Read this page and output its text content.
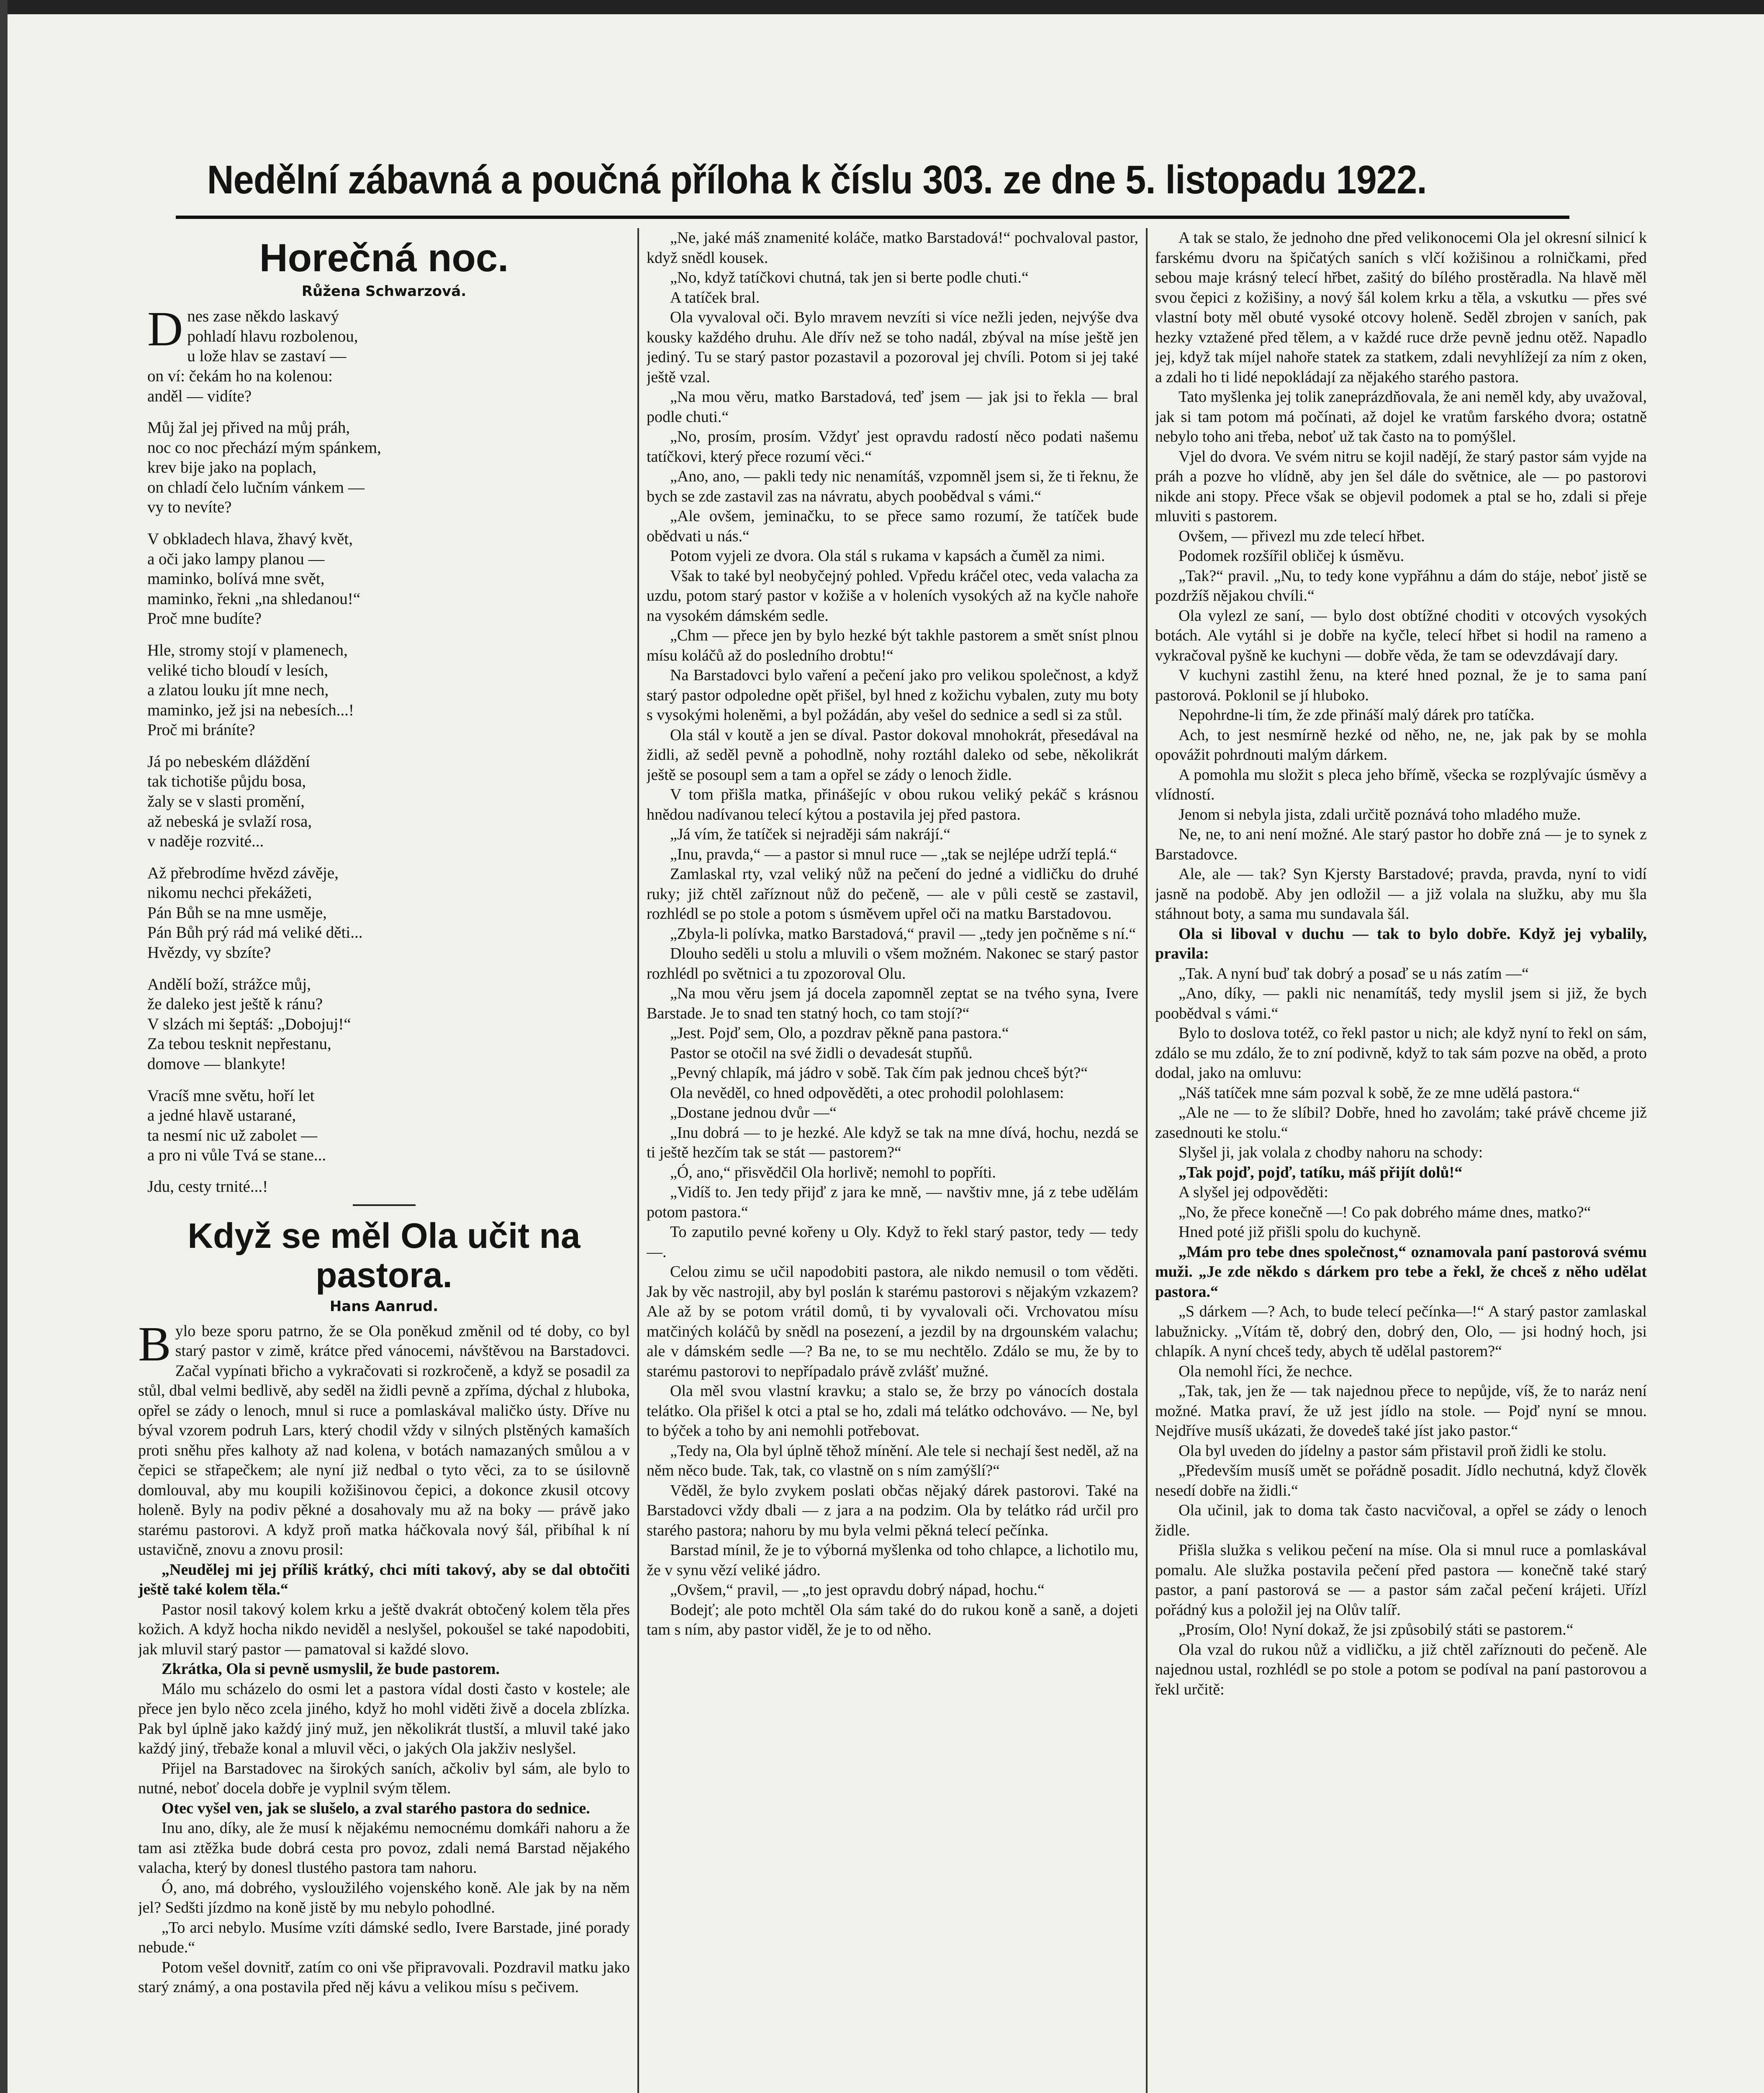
Nedělní zábavná a poučná příloha k číslu 303. ze dne 5. listopadu 1922.
Horečná noc.
Růžena Schwarzová.

Dnes zase někdo laskavý

pohladí hlavu rozbolenou,

u lože hlav se zastaví —

on ví: čekám ho na kolenou:

anděl — vidíte?

Můj žal jej přived na můj práh,

noc co noc přechází mým spánkem,

krev bije jako na poplach,

on chladí čelo lučním vánkem —

vy to nevíte?

V obkladech hlava, žhavý květ,

a oči jako lampy planou —

maminko, bolívá mne svět,

maminko, řekni „na shledanou!“

Proč mne budíte?

Hle, stromy stojí v plamenech,

veliké ticho bloudí v lesích,

a zlatou louku jít mne nech,

maminko, jež jsi na nebesích...!

Proč mi bráníte?

Já po nebeském dláždění

tak tichotiše půjdu bosa,

žaly se v slasti promění,

až nebeská je svlaží rosa,

v naděje rozvité...

Až přebrodíme hvězd závěje,

nikomu nechci překážeti,

Pán Bůh se na mne usměje,

Pán Bůh prý rád má veliké děti...

Hvězdy, vy sbzíte?

Andělí boží, strážce můj,

že daleko jest ještě k ránu?

V slzách mi šeptáš: „Dobojuj!“

Za tebou tesknit nepřestanu,

domove — blankyte!

Vracíš mne světu, hoří let

a jedné hlavě ustarané,

ta nesmí nic už zabolet —

a pro ni vůle Tvá se stane...

Jdu, cesty trnité...!
Když se měl Ola učit na
pastora.
Hans Aanrud.

Bylo beze sporu patrno, že se Ola poněkud změnil od té doby, co byl starý pastor v zimě, krátce před vánocemi, návštěvou na Barstadovci. Začal vypínati břicho a vykračovati si rozkročeně, a když se posadil za stůl, dbal velmi bedlivě, aby seděl na židli pevně a zpříma, dýchal z hluboka, opřel se zády o lenoch, mnul si ruce a pomlaskával maličko ústy. Dříve nu býval vzorem podruh Lars, který chodil vždy v silných plstěných kamaších proti sněhu přes kalhoty až nad kolena, v botách namazaných smůlou a v čepici se střapečkem; ale nyní již nedbal o tyto věci, za to se úsilovně domlouval, aby mu koupili kožišinovou čepici, a dokonce zkusil otcovy holeně. Byly na podiv pěkné a dosahovaly mu až na boky — právě jako starému pastorovi. A když proň matka háčkovala nový šál, přibíhal k ní ustavičně, znovu a znovu prosil:

„Neudělej mi jej příliš krátký, chci míti takový, aby se dal obtočiti ještě také kolem těla.“

Pastor nosil takový kolem krku a ještě dvakrát obtočený kolem těla přes kožich. A když hocha nikdo neviděl a neslyšel, pokoušel se také napodobiti, jak mluvil starý pastor — pamatoval si každé slovo.

Zkrátka, Ola si pevně usmyslil, že bude pastorem.

Málo mu scházelo do osmi let a pastora vídal dosti často v kostele; ale přece jen bylo něco zcela jiného, když ho mohl viděti živě a docela zblízka. Pak byl úplně jako každý jiný muž, jen několikrát tlustší, a mluvil také jako každý jiný, třebaže konal a mluvil věci, o jakých Ola jakživ neslyšel.

Přijel na Barstadovec na širokých saních, ačkoliv byl sám, ale bylo to nutné, neboť docela dobře je vyplnil svým tělem.

Otec vyšel ven, jak se slušelo, a zval starého pastora do sednice.

Inu ano, díky, ale že musí k nějakému nemocnému domkáři nahoru a že tam asi ztěžka bude dobrá cesta pro povoz, zdali nemá Barstad nějakého valacha, který by donesl tlustého pastora tam nahoru.

Ó, ano, má dobrého, vysloužilého vojenského koně. Ale jak by na něm jel? Sedšti jízdmo na koně jistě by mu nebylo pohodlné.

„To arci nebylo. Musíme vzíti dámské sedlo, Ivere Barstade, jiné porady nebude.“

Potom vešel dovnitř, zatím co oni vše připravovali. Pozdravil matku jako starý známý, a ona postavila před něj kávu a velikou mísu s pečivem.

„Ne, jaké máš znamenité koláče, matko Barstadová!“ pochvaloval pastor, když snědl kousek.

„No, když tatíčkovi chutná, tak jen si berte podle chuti.“

A tatíček bral.

Ola vyvaloval oči. Bylo mravem nevzíti si více nežli jeden, nejvýše dva kousky každého druhu. Ale dřív než se toho nadál, zbýval na míse ještě jen jediný. Tu se starý pastor pozastavil a pozoroval jej chvíli. Potom si jej také ještě vzal.

„Na mou věru, matko Barstadová, teď jsem — jak jsi to řekla — bral podle chuti.“

„No, prosím, prosím. Vždyť jest opravdu radostí něco podati našemu tatíčkovi, který přece rozumí věci.“

„Ano, ano, — pakli tedy nic nenamítáš, vzpomněl jsem si, že ti řeknu, že bych se zde zastavil zas na návratu, abych poobědval s vámi.“

„Ale ovšem, jeminačku, to se přece samo rozumí, že tatíček bude obědvati u nás.“

Potom vyjeli ze dvora. Ola stál s rukama v kapsách a čuměl za nimi.

Však to také byl neobyčejný pohled. Vpředu kráčel otec, veda valacha za uzdu, potom starý pastor v kožiše a v holeních vysokých až na kyčle nahoře na vysokém dámském sedle.

„Chm — přece jen by bylo hezké být takhle pastorem a smět sníst plnou mísu koláčů až do posledního drobtu!“

Na Barstadovci bylo vaření a pečení jako pro velikou společnost, a když starý pastor odpoledne opět přišel, byl hned z kožichu vybalen, zuty mu boty s vysokými holeněmi, a byl požádán, aby vešel do sednice a sedl si za stůl.

Ola stál v koutě a jen se díval. Pastor dokoval mnohokrát, přesedával na židli, až seděl pevně a pohodlně, nohy roztáhl daleko od sebe, několikrát ještě se posoupl sem a tam a opřel se zády o lenoch židle.

V tom přišla matka, přinášejíc v obou rukou veliký pekáč s krásnou hnědou nadívanou telecí kýtou a postavila jej před pastora.

„Já vím, že tatíček si nejraději sám nakrájí.“

„Inu, pravda,“ — a pastor si mnul ruce — „tak se nejlépe udrží teplá.“

Zamlaskal rty, vzal veliký nůž na pečení do jedné a vidličku do druhé ruky; již chtěl zaříznout nůž do pečeně, — ale v půli cestě se zastavil, rozhlédl se po stole a potom s úsměvem upřel oči na matku Barstadovou.

„Zbyla-li polívka, matko Barstadová,“ pravil — „tedy jen počněme s ní.“

Dlouho seděli u stolu a mluvili o všem možném. Nakonec se starý pastor rozhlédl po světnici a tu zpozoroval Olu.

„Na mou věru jsem já docela zapomněl zeptat se na tvého syna, Ivere Barstade. Je to snad ten statný hoch, co tam stojí?“

„Jest. Pojď sem, Olo, a pozdrav pěkně pana pastora.“

Pastor se otočil na své židli o devadesát stupňů.

„Pevný chlapík, má jádro v sobě. Tak čím pak jednou chceš být?“

Ola nevěděl, co hned odpověděti, a otec prohodil polohlasem:

„Dostane jednou dvůr —“

„Inu dobrá — to je hezké. Ale když se tak na mne dívá, hochu, nezdá se ti ještě hezčím tak se stát — pastorem?“

„Ó, ano,“ přisvědčil Ola horlivě; nemohl to popříti.

„Vidíš to. Jen tedy přijď z jara ke mně, — navštiv mne, já z tebe udělám potom pastora.“

To zaputilo pevné kořeny u Oly. Když to řekl starý pastor, tedy — tedy —.

Celou zimu se učil napodobiti pastora, ale nikdo nemusil o tom věděti. Jak by věc nastrojil, aby byl poslán k starému pastorovi s nějakým vzkazem? Ale až by se potom vrátil domů, ti by vyvalovali oči. Vrchovatou mísu matčiných koláčů by snědl na posezení, a jezdil by na drgounském valachu; ale v dámském sedle —? Ba ne, to se mu nechtělo. Zdálo se mu, že by to starému pastorovi to nepřípadalo právě zvlášť mužné.

Ola měl svou vlastní kravku; a stalo se, že brzy po vánocích dostala telátko. Ola přišel k otci a ptal se ho, zdali má telátko odchovávo. — Ne, byl to býček a toho by ani nemohli potřebovat.

„Tedy na, Ola byl úplně těhož mínění. Ale tele si nechají šest neděl, až na něm něco bude. Tak, tak, co vlastně on s ním zamýšlí?“

Věděl, že bylo zvykem poslati občas nějaký dárek pastorovi. Také na Barstadovci vždy dbali — z jara a na podzim. Ola by telátko rád určil pro starého pastora; nahoru by mu byla velmi pěkná telecí pečínka.

Barstad mínil, že je to výborná myšlenka od toho chlapce, a lichotilo mu, že v synu vězí veliké jádro.

„Ovšem,“ pravil, — „to jest opravdu dobrý nápad, hochu.“

Bodejť; ale poto mchtěl Ola sám také do do rukou koně a saně, a dojeti tam s ním, aby pastor viděl, že je to od něho.

A tak se stalo, že jednoho dne před velikonocemi Ola jel okresní silnicí k farskému dvoru na špičatých saních s vlčí kožišinou a rolničkami, před sebou maje krásný telecí hřbet, zašitý do bílého prostěradla. Na hlavě měl svou čepici z kožišiny, a nový šál kolem krku a těla, a vskutku — přes své vlastní boty měl obuté vysoké otcovy holeně. Seděl zbrojen v saních, pak hezky vztažené před tělem, a v každé ruce drže pevně jednu otěž. Napadlo jej, když tak míjel nahoře statek za statkem, zdali nevyhlížejí za ním z oken, a zdali ho ti lidé nepokládají za nějakého starého pastora.

Tato myšlenka jej tolik zaneprázdňovala, že ani neměl kdy, aby uvažoval, jak si tam potom má počínati, až dojel ke vratům farského dvora; ostatně nebylo toho ani třeba, neboť už tak často na to pomýšlel.

Vjel do dvora. Ve svém nitru se kojil nadějí, že starý pastor sám vyjde na práh a pozve ho vlídně, aby jen šel dále do světnice, ale — po pastorovi nikde ani stopy. Přece však se objevil podomek a ptal se ho, zdali si přeje mluviti s pastorem.

Ovšem, — přivezl mu zde telecí hřbet.

Podomek rozšířil obličej k úsměvu.

„Tak?“ pravil. „Nu, to tedy kone vypřáhnu a dám do stáje, neboť jistě se pozdržíš nějakou chvíli.“

Ola vylezl ze saní, — bylo dost obtížné choditi v otcových vysokých botách. Ale vytáhl si je dobře na kyčle, telecí hřbet si hodil na rameno a vykračoval pyšně ke kuchyni — dobře věda, že tam se odevzdávají dary.

V kuchyni zastihl ženu, na které hned poznal, že je to sama paní pastorová. Poklonil se jí hluboko.

Nepohrdne-li tím, že zde přináší malý dárek pro tatíčka.

Ach, to jest nesmírně hezké od něho, ne, ne, jak pak by se mohla opovážit pohrdnouti malým dárkem.

A pomohla mu složit s pleca jeho břímě, všecka se rozplývajíc úsměvy a vlídností.

Jenom si nebyla jista, zdali určitě poznává toho mladého muže.

Ne, ne, to ani není možné. Ale starý pastor ho dobře zná — je to synek z Barstadovce.

Ale, ale — tak? Syn Kjersty Barstadové; pravda, pravda, nyní to vidí jasně na podobě. Aby jen odložil — a již volala na služku, aby mu šla stáhnout boty, a sama mu sundavala šál.

Ola si liboval v duchu — tak to bylo dobře. Když jej vybalily, pravila:

„Tak. A nyní buď tak dobrý a posaď se u nás zatím —“

„Ano, díky, — pakli nic nenamítáš, tedy myslil jsem si již, že bych poobědval s vámi.“

Bylo to doslova totéž, co řekl pastor u nich; ale když nyní to řekl on sám, zdálo se mu zdálo, že to zní podivně, když to tak sám pozve na oběd, a proto dodal, jako na omluvu:

„Náš tatíček mne sám pozval k sobě, že ze mne udělá pastora.“

„Ale ne — to že slíbil? Dobře, hned ho zavolám; také právě chceme již zasednouti ke stolu.“

Slyšel ji, jak volala z chodby nahoru na schody:

„Tak pojď, pojď, tatíku, máš přijít dolů!“

A slyšel jej odpověděti:

„No, že přece konečně —! Co pak dobrého máme dnes, matko?“

Hned poté již přišli spolu do kuchyně.

„Mám pro tebe dnes společnost,“ oznamovala paní pastorová svému muži. „Je zde někdo s dárkem pro tebe a řekl, že chceš z něho udělat pastora.“

„S dárkem —? Ach, to bude telecí pečínka—!“ A starý pastor zamlaskal labužnicky. „Vítám tě, dobrý den, dobrý den, Olo, — jsi hodný hoch, jsi chlapík. A nyní chceš tedy, abych tě udělal pastorem?“

Ola nemohl říci, že nechce.

„Tak, tak, jen že — tak najednou přece to nepůjde, víš, že to naráz není možné. Matka praví, že už jest jídlo na stole. — Pojď nyní se mnou. Nejdříve musíš ukázati, že dovedeš také jíst jako pastor.“

Ola byl uveden do jídelny a pastor sám přistavil proň židli ke stolu.

„Především musíš umět se pořádně posadit. Jídlo nechutná, když člověk nesedí dobře na židli.“

Ola učinil, jak to doma tak často nacvičoval, a opřel se zády o lenoch židle.

Přišla služka s velikou pečení na míse. Ola si mnul ruce a pomlaskával pomalu. Ale služka postavila pečení před pastora — konečně také starý pastor, a paní pastorová se — a pastor sám začal pečení krájeti. Uřízl pořádný kus a položil jej na Olův talíř.

„Prosím, Olo! Nyní dokaž, že jsi způsobilý státi se pastorem.“

Ola vzal do rukou nůž a vidličku, a již chtěl zaříznouti do pečeně. Ale najednou ustal, rozhlédl se po stole a potom se podíval na paní pastorovou a řekl určitě:
